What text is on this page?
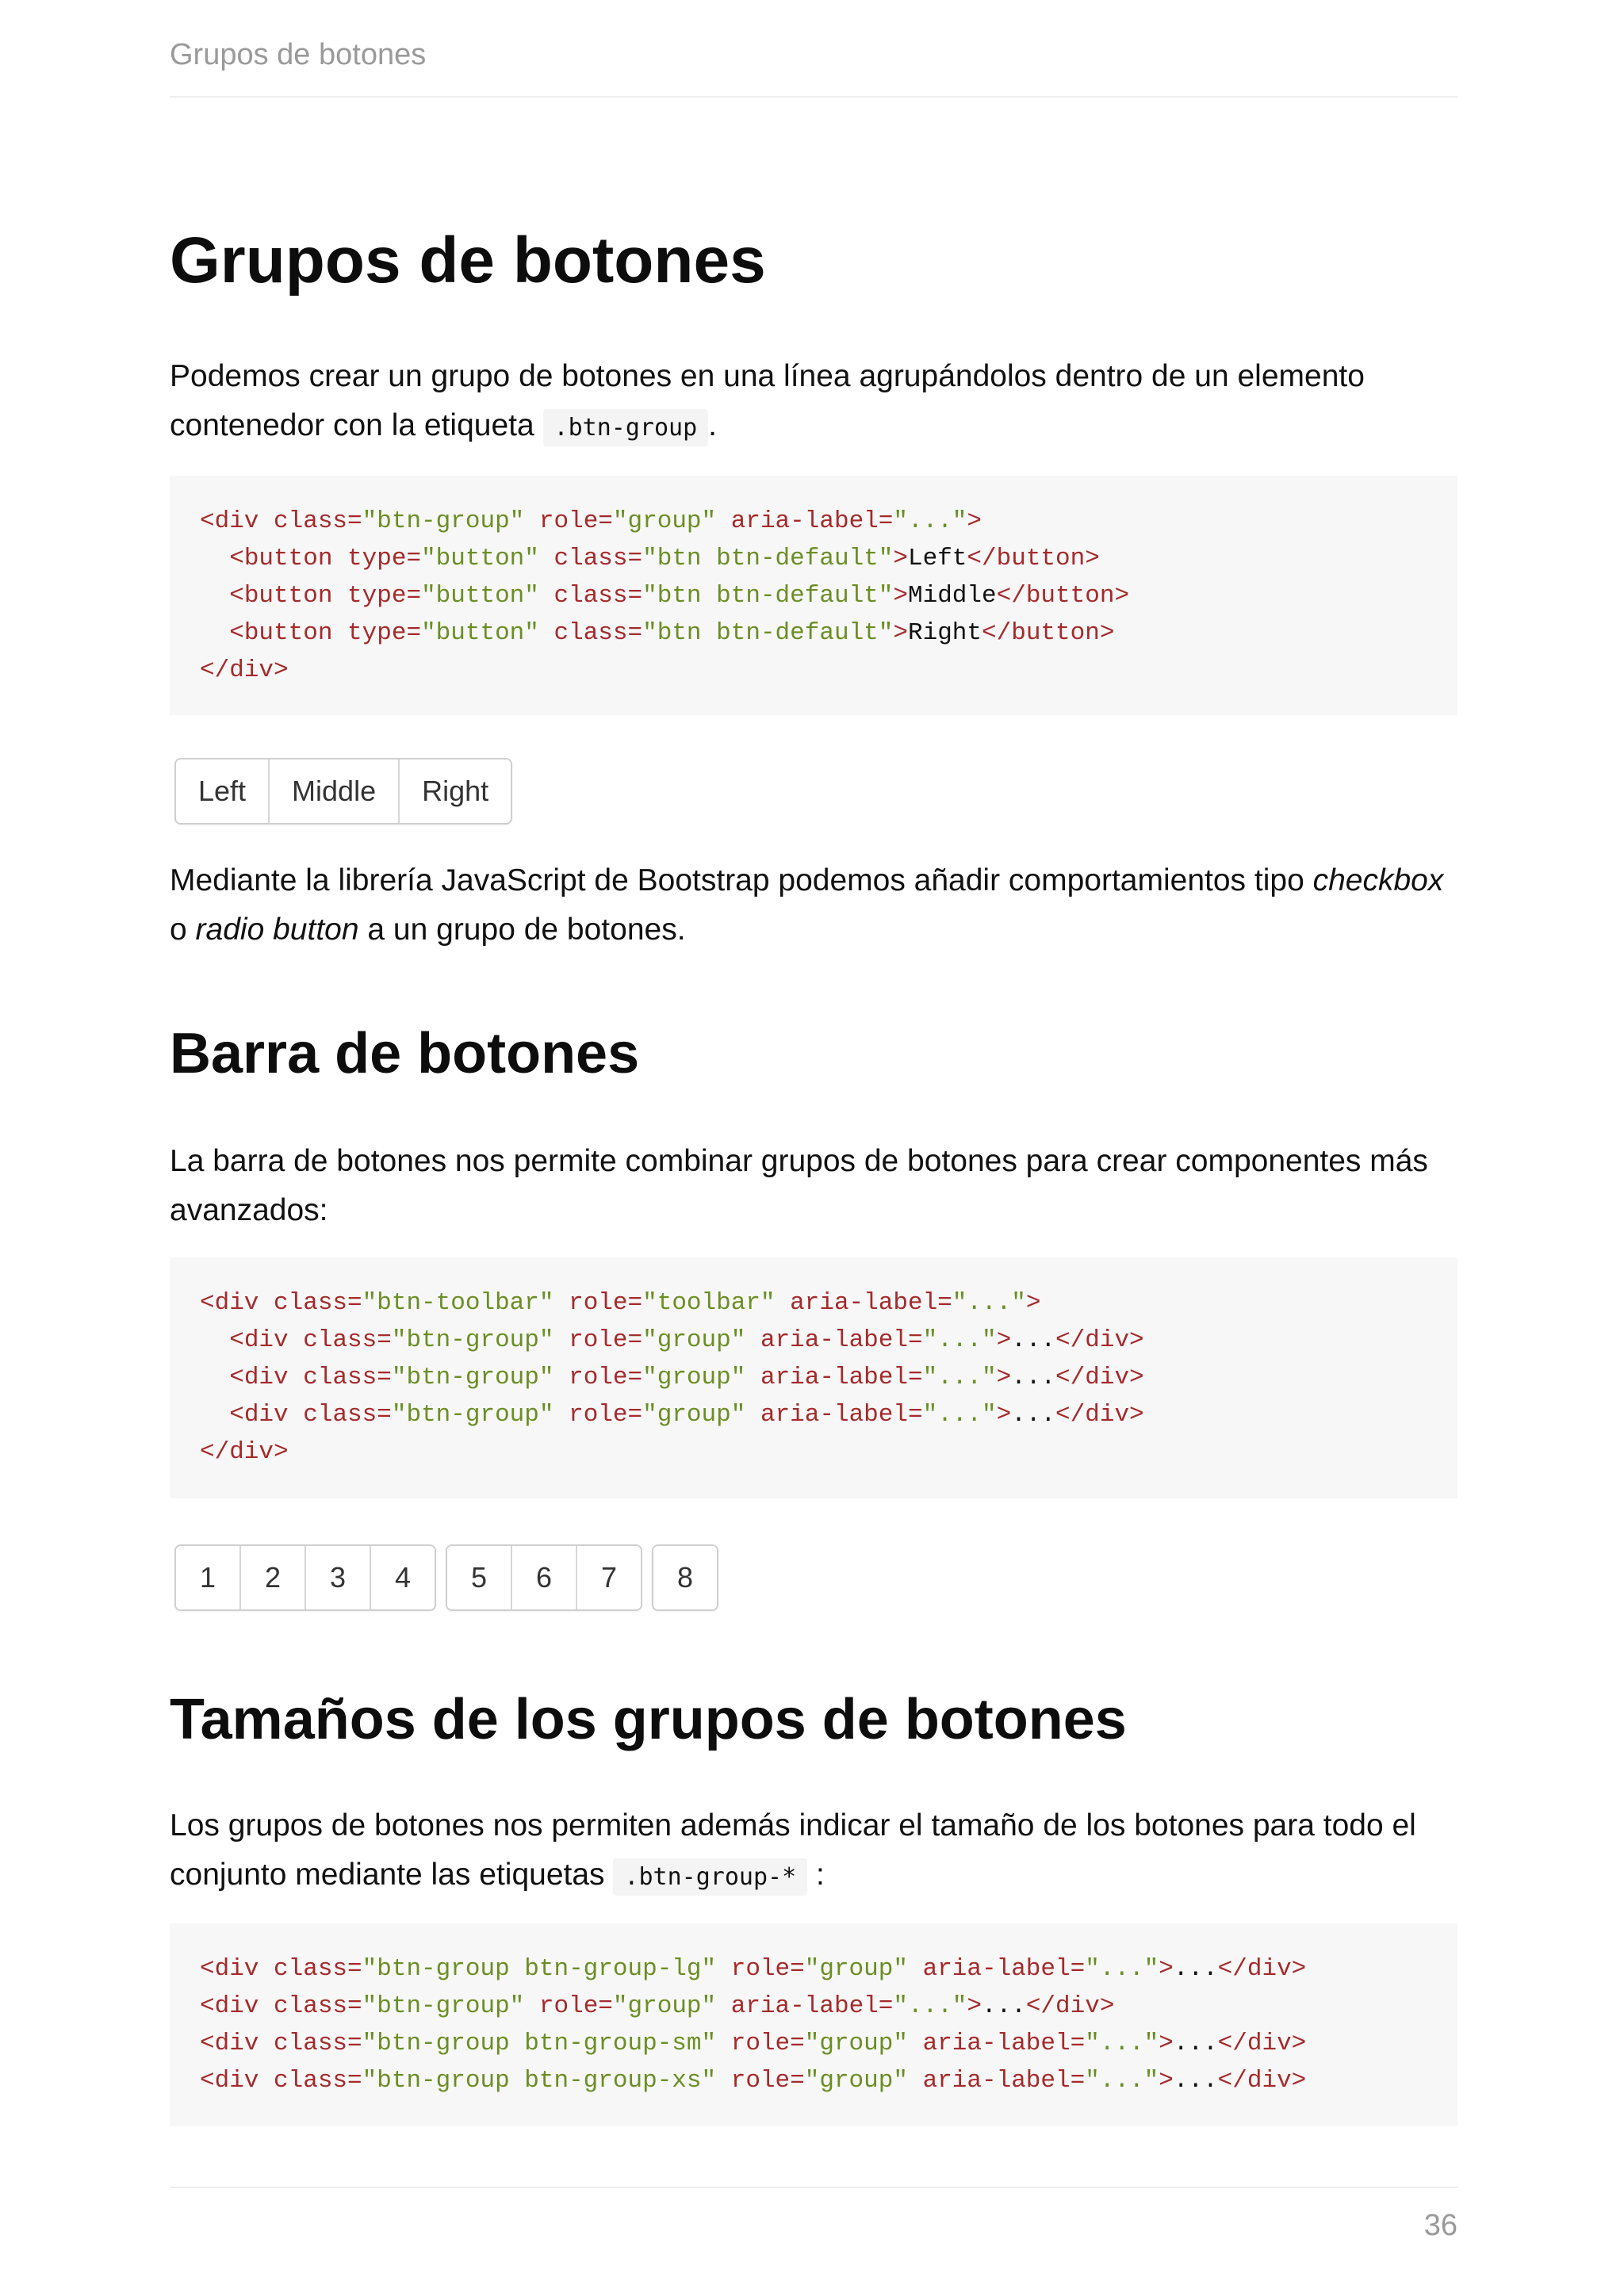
Grupos de botones
Grupos de botones

Podemos crear un grupo de botones en una línea agrupándolos dentro de un elemento contenedor con la etiqueta .btn-group .

<div class="btn-group" role="group" aria-label="...">
<button type="button" class="btn btn-default">Left</button>
<button type="button" class="btn btn-default">Middle</button>
<button type="button" class="btn btn-default">Right</button>
</div>
Left	Middle	Right

Mediante la librería JavaScript de Bootstrap podemos añadir comportamientos tipo checkbox o radio button a un grupo de botones.

Barra de botones

La barra de botones nos permite combinar grupos de botones para crear componentes más avanzados:

<div class="btn-toolbar" role="toolbar" aria-label="...">
<div class="btn-group" role="group" aria-label="...">...</div>
<div class="btn-group" role="group" aria-label="...">...</div>
<div class="btn-group" role="group" aria-label="...">...</div>
</div>
1	2	3	4	5	6	7	8
Tamaños de los grupos de botones

Los grupos de botones nos permiten además indicar el tamaño de los botones para todo el conjunto mediante las etiquetas .btn-group-* :

<div class="btn-group btn-group-lg" role="group" aria-label="...">...</div>
<div class="btn-group" role="group" aria-label="...">...</div>
<div class="btn-group btn-group-sm" role="group" aria-label="...">...</div>
<div class="btn-group btn-group-xs" role="group" aria-label="...">...</div>
36
